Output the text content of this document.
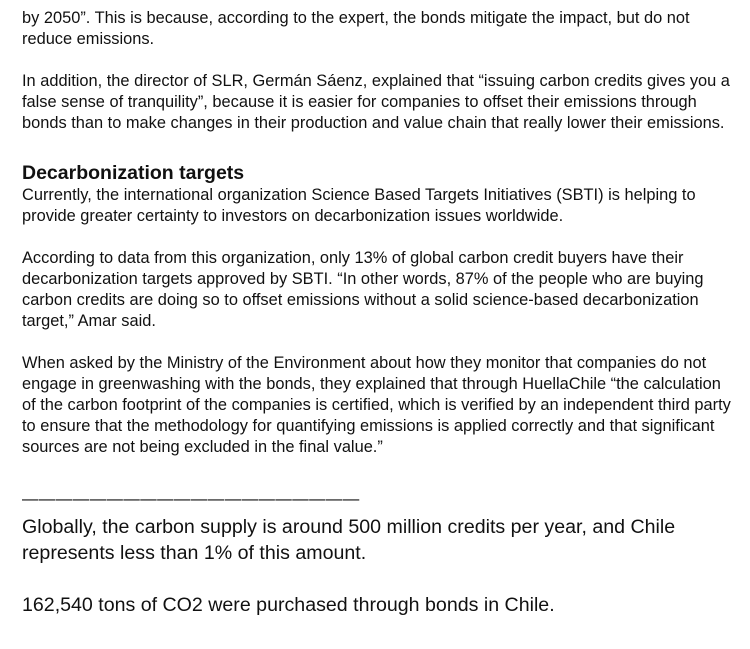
by 2050”. This is because, according to the expert, the bonds mitigate the impact, but do not reduce emissions.

In addition, the director of SLR, Germán Sáenz, explained that “issuing carbon credits gives you a false sense of tranquility”, because it is easier for companies to offset their emissions through bonds than to make changes in their production and value chain that really lower their emissions.

Decarbonization targets

Currently, the international organization Science Based Targets Initiatives (SBTI) is helping to provide greater certainty to investors on decarbonization issues worldwide.

According to data from this organization, only 13% of global carbon credit buyers have their decarbonization targets approved by SBTI. “In other words, 87% of the people who are buying carbon credits are doing so to offset emissions without a solid science-based decarbonization target,” Amar said.

When asked by the Ministry of the Environment about how they monitor that companies do not engage in greenwashing with the bonds, they explained that through HuellaChile “the calculation of the carbon footprint of the companies is certified, which is verified by an independent third party to ensure that the methodology for quantifying emissions is applied correctly and that significant sources are not being excluded in the final value.”

————————————————————

Globally, the carbon supply is around 500 million credits per year, and Chile represents less than 1% of this amount.

162,540 tons of CO2 were purchased through bonds in Chile.
